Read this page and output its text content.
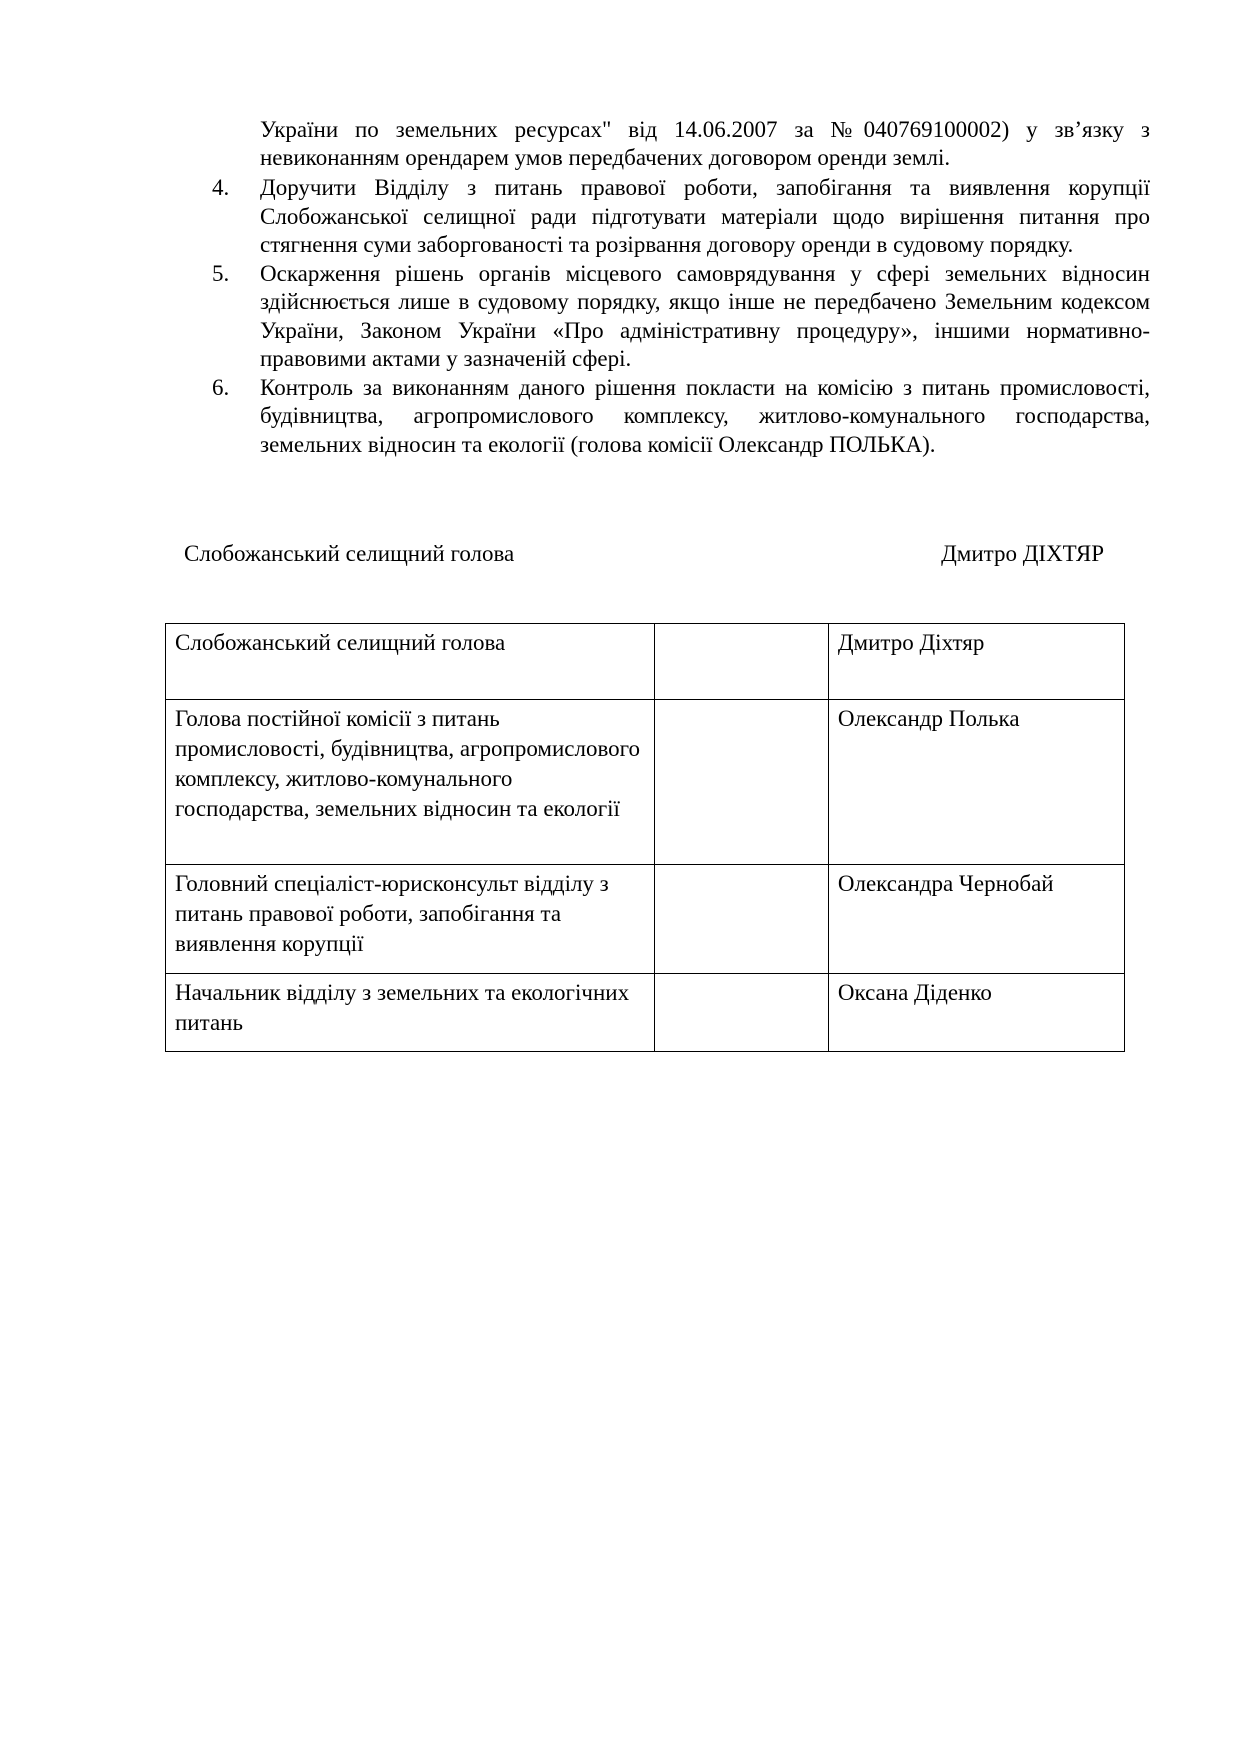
України по земельних ресурсах" від 14.06.2007 за №040769100002) у зв’язку з невиконанням орендарем умов передбачених договором оренди землі.
4.	Доручити Відділу з питань правової роботи, запобігання та виявлення корупції Слобожанської селищної ради підготувати матеріали щодо вирішення питання про стягнення суми заборгованості та розірвання договору оренди в судовому порядку.
5.	Оскарження рішень органів місцевого самоврядування у сфері земельних відносин здійснюється лише в судовому порядку, якщо інше не передбачено Земельним кодексом України, Законом України «Про адміністративну процедуру», іншими нормативно-правовими актами у зазначеній сфері.
6.	Контроль за виконанням даного рішення покласти на комісію з питань промисловості, будівництва, агропромислового комплексу, житлово-комунального господарства, земельних відносин та екології (голова комісії Олександр ПОЛЬКА).
Слобожанський селищний голова	Дмитро ДІХТЯР
Слобожанський селищний голова		Дмитро Діхтяр
Голова постійної комісії з питань промисловості, будівництва, агропромислового комплексу, житлово-комунального господарства, земельних відносин та екології		Олександр Полька
Головний спеціаліст-юрисконсульт відділу з питань правової роботи, запобігання та виявлення корупції		Олександра Чернобай
Начальник відділу з земельних та екологічних питань		Оксана Діденко
